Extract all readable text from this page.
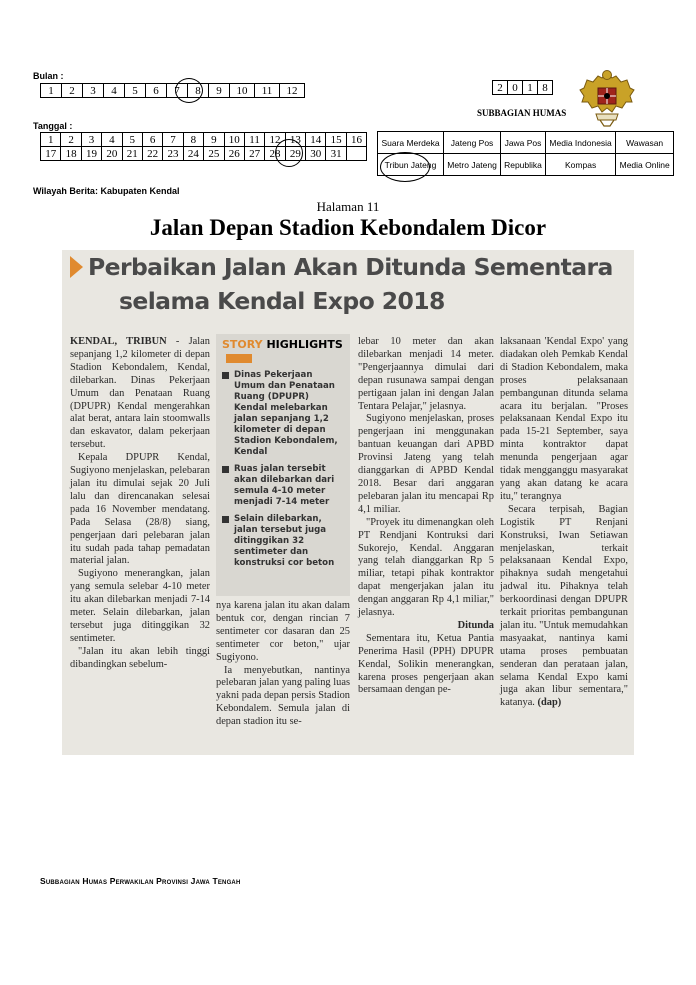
Bulan :
1	2	3	4	5	6	7	8	9	10	11	12
Tanggal :
1	2	3	4	5	6	7	8	9	10	11	12	13	14	15	16
17	18	19	20	21	22	23	24	25	26	27	28	29	30	31	
2	0	1	8
SUBBAGIAN HUMAS
Suara Merdeka	Jateng Pos	Jawa Pos	Media Indonesia	Wawasan
Tribun Jateng	Metro Jateng	Republika	Kompas	Media Online
Wilayah Berita: Kabupaten Kendal
Halaman 11
Jalan Depan Stadion Kebondalem Dicor
Perbaikan Jalan Akan Ditunda Sementara
selama Kendal Expo 2018

KENDAL, TRIBUN - Jalan sepanjang 1,2 kilometer di depan Stadion Kebondalem, Kendal, dilebarkan. Dinas Pekerjaan Umum dan Penataan Ruang (DPUPR) Kendal mengerahkan alat berat, antara lain stoomwalls dan eskavator, dalam pekerjaan tersebut.

Kepala DPUPR Kendal, Sugiyono menjelaskan, pelebaran jalan itu dimulai sejak 20 Juli lalu dan direncanakan selesai pada 16 November mendatang. Pada Selasa (28/8) siang, pengerjaan dari pelebaran jalan itu sudah pada tahap pemadatan material jalan.

Sugiyono menerangkan, jalan yang semula selebar 4-10 meter itu akan dilebarkan menjadi 7-14 meter. Selain dilebarkan, jalan tersebut juga ditinggikan 32 sentimeter.

"Jalan itu akan lebih tinggi dibandingkan sebelum-

STORY HIGHLIGHTS
Dinas Pekerjaan Umum dan Penataan Ruang (DPUPR) Kendal melebarkan jalan sepanjang 1,2 kilometer di depan Stadion Kebondalem, Kendal
Ruas jalan tersebit akan dilebarkan dari semula 4-10 meter menjadi 7-14 meter
Selain dilebarkan, jalan tersebut juga ditinggikan 32 sentimeter dan konstruksi cor beton

nya karena jalan itu akan dalam bentuk cor, dengan rincian 7 sentimeter cor dasaran dan 25 sentimeter cor beton," ujar Sugiyono.

Ia menyebutkan, nantinya pelebaran jalan yang paling luas yakni pada depan persis Stadion Kebondalem. Semula jalan di depan stadion itu se-

lebar 10 meter dan akan dilebarkan menjadi 14 meter. "Pengerjaannya dimulai dari depan rusunawa sampai dengan pertigaan jalan ini dengan Jalan Tentara Pelajar," jelasnya.

Sugiyono menjelaskan, proses pengerjaan ini menggunakan bantuan keuangan dari APBD Provinsi Jateng yang telah dianggarkan di APBD Kendal 2018. Besar dari anggaran pelebaran jalan itu mencapai Rp 4,1 miliar.

"Proyek itu dimenangkan oleh PT Rendjani Kontruksi dari Sukorejo, Kendal. Anggaran yang telah dianggarkan Rp 5 miliar, tetapi pihak kontraktor dapat mengerjakan jalan itu dengan anggaran Rp 4,1 miliar," jelasnya.

Ditunda

Sementara itu, Ketua Pantia Penerima Hasil (PPH) DPUPR Kendal, Solikin menerangkan, karena proses pengerjaan akan bersamaan dengan pe-

laksanaan 'Kendal Expo' yang diadakan oleh Pemkab Kendal di Stadion Kebondalem, maka proses pelaksanaan pembangunan ditunda selama acara itu berjalan. "Proses pelaksanaan Kendal Expo itu pada 15-21 September, saya minta kontraktor dapat menunda pengerjaan agar tidak mengganggu masyarakat yang akan datang ke acara itu," terangnya

Secara terpisah, Bagian Logistik PT Renjani Konstruksi, Iwan Setiawan menjelaskan, terkait pelaksanaan Kendal Expo, pihaknya sudah mengetahui jadwal itu. Pihaknya telah berkoordinasi dengan DPUPR terkait prioritas pembangunan jalan itu. "Untuk memudahkan masyaakat, nantinya kami utama proses pembuatan senderan dan perataan jalan, selama Kendal Expo kami juga akan libur sementara," katanya. (dap)

Subbagian Humas Perwakilan Provinsi Jawa Tengah
